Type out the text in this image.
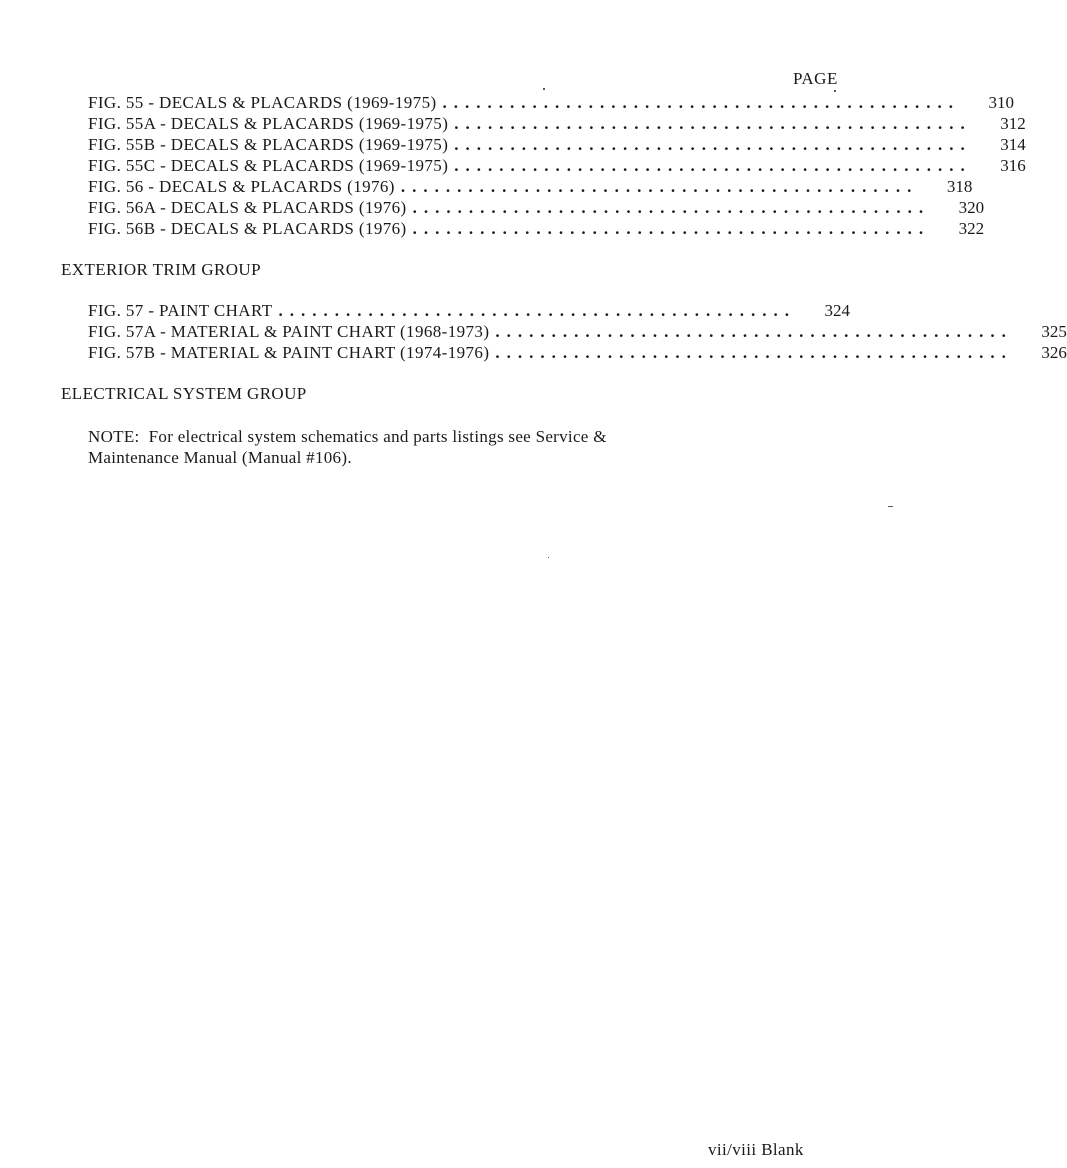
PAGE
FIG. 55 - DECALS & PLACARDS (1969-1975) ..............................................	310
FIG. 55A - DECALS & PLACARDS (1969-1975) ..............................................	312
FIG. 55B - DECALS & PLACARDS (1969-1975) ..............................................	314
FIG. 55C - DECALS & PLACARDS (1969-1975) ..............................................	316
FIG. 56 - DECALS & PLACARDS (1976) ..............................................	318
FIG. 56A - DECALS & PLACARDS (1976) ..............................................	320
FIG. 56B - DECALS & PLACARDS (1976) ..............................................	322
EXTERIOR TRIM GROUP
FIG. 57 - PAINT CHART ..............................................	324
FIG. 57A - MATERIAL & PAINT CHART (1968-1973) ..............................................	325
FIG. 57B - MATERIAL & PAINT CHART (1974-1976) ..............................................	326
ELECTRICAL SYSTEM GROUP
NOTE:  For electrical system schematics and parts listings see Service &
Maintenance Manual (Manual #106).
vii/viii Blank
